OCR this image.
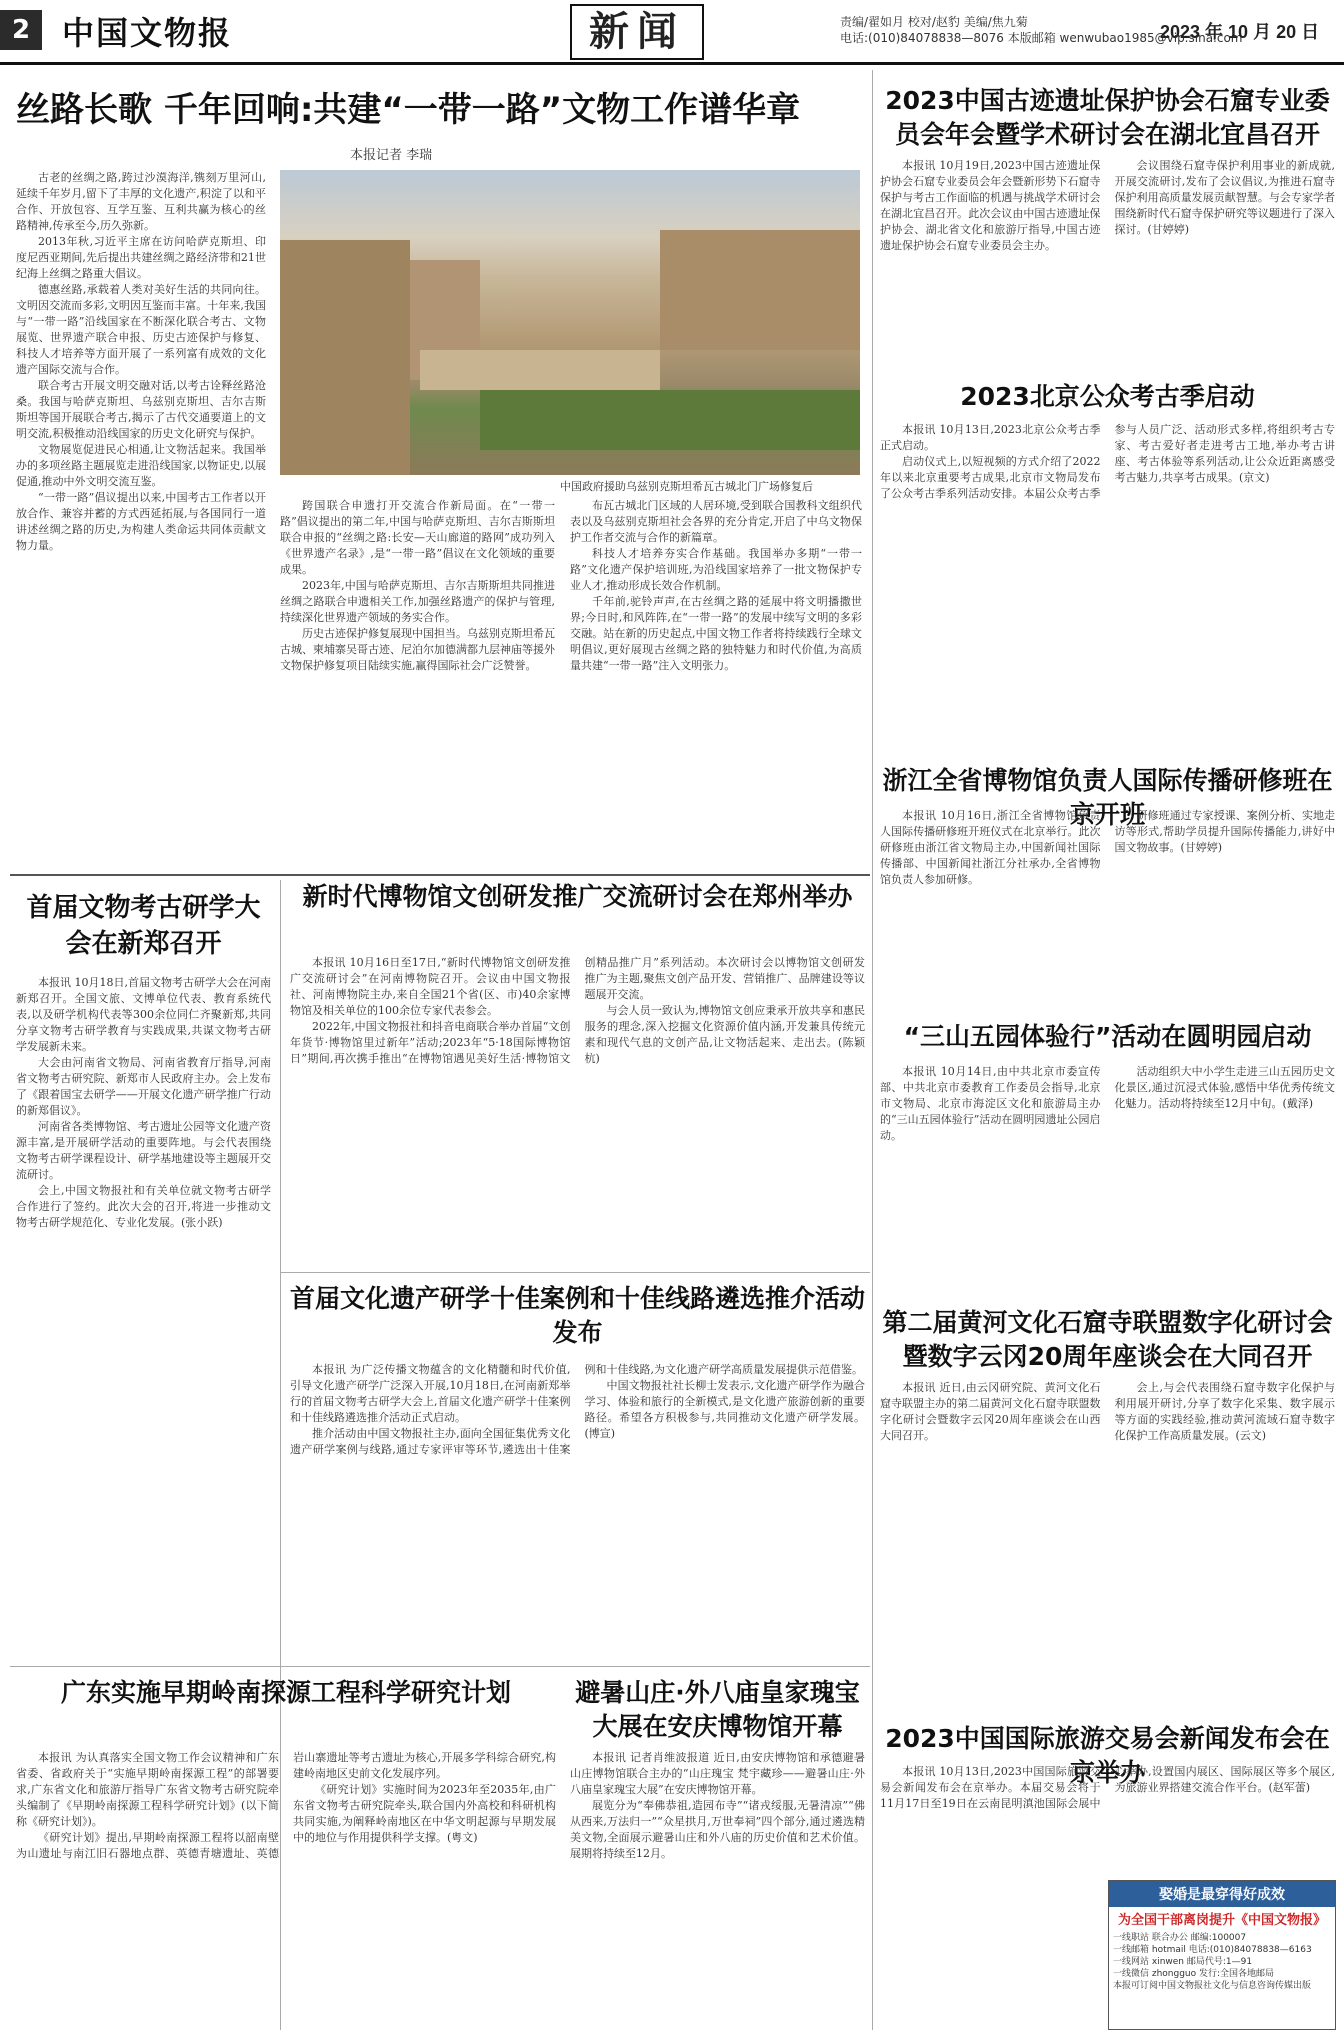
2 中国文物报	新闻	责编/翟如月 校对/赵豹 美编/焦九菊
电话:(010)84078838—8076 本版邮箱 wenwubao1985@vip.sina.com
2023 年 10 月 20 日
丝路长歌 千年回响:共建“一带一路”文物工作谱华章
本报记者 李瑞

古老的丝绸之路,跨过沙漠海洋,镌刻万里河山,延续千年岁月,留下了丰厚的文化遗产,积淀了以和平合作、开放包容、互学互鉴、互利共赢为核心的丝路精神,传承至今,历久弥新。

2013年秋,习近平主席在访问哈萨克斯坦、印度尼西亚期间,先后提出共建丝绸之路经济带和21世纪海上丝绸之路重大倡议。

德惠丝路,承载着人类对美好生活的共同向往。文明因交流而多彩,文明因互鉴而丰富。十年来,我国与“一带一路”沿线国家在不断深化联合考古、文物展览、世界遗产联合申报、历史古迹保护与修复、科技人才培养等方面开展了一系列富有成效的文化遗产国际交流与合作。

联合考古开展文明交融对话,以考古诠释丝路沧桑。我国与哈萨克斯坦、乌兹别克斯坦、吉尔吉斯斯坦等国开展联合考古,揭示了古代交通要道上的文明交流,积极推动沿线国家的历史文化研究与保护。

文物展览促进民心相通,让文物活起来。我国举办的多项丝路主题展览走进沿线国家,以物证史,以展促通,推动中外文明交流互鉴。

“一带一路”倡议提出以来,中国考古工作者以开放合作、兼容并蓄的方式西延拓展,与各国同行一道讲述丝绸之路的历史,为构建人类命运共同体贡献文物力量。

中国政府援助乌兹别克斯坦希瓦古城北门广场修复后

跨国联合申遗打开交流合作新局面。在“一带一路”倡议提出的第二年,中国与哈萨克斯坦、吉尔吉斯斯坦联合申报的“丝绸之路:长安—天山廊道的路网”成功列入《世界遗产名录》,是“一带一路”倡议在文化领域的重要成果。

2023年,中国与哈萨克斯坦、吉尔吉斯斯坦共同推进丝绸之路联合申遗相关工作,加强丝路遗产的保护与管理,持续深化世界遗产领域的务实合作。

历史古迹保护修复展现中国担当。乌兹别克斯坦希瓦古城、柬埔寨吴哥古迹、尼泊尔加德满都九层神庙等援外文物保护修复项目陆续实施,赢得国际社会广泛赞誉。

布瓦古城北门区域的人居环境,受到联合国教科文组织代表以及乌兹别克斯坦社会各界的充分肯定,开启了中乌文物保护工作者交流与合作的新篇章。

科技人才培养夯实合作基础。我国举办多期“一带一路”文化遗产保护培训班,为沿线国家培养了一批文物保护专业人才,推动形成长效合作机制。

千年前,驼铃声声,在古丝绸之路的延展中将文明播撒世界;今日时,和风阵阵,在“一带一路”的发展中续写文明的多彩交融。站在新的历史起点,中国文物工作者将持续践行全球文明倡议,更好展现古丝绸之路的独特魅力和时代价值,为高质量共建“一带一路”注入文明张力。

2023中国古迹遗址保护协会石窟专业委员会年会暨学术研讨会在湖北宜昌召开

本报讯 10月19日,2023中国古迹遗址保护协会石窟专业委员会年会暨新形势下石窟寺保护与考古工作面临的机遇与挑战学术研讨会在湖北宜昌召开。此次会议由中国古迹遗址保护协会、湖北省文化和旅游厅指导,中国古迹遗址保护协会石窟专业委员会主办。

会议围绕石窟寺保护利用事业的新成就,开展交流研讨,发布了会议倡议,为推进石窟寺保护利用高质量发展贡献智慧。与会专家学者围绕新时代石窟寺保护研究等议题进行了深入探讨。(甘婷婷)

2023北京公众考古季启动

本报讯 10月13日,2023北京公众考古季正式启动。

启动仪式上,以短视频的方式介绍了2022年以来北京重要考古成果,北京市文物局发布了公众考古季系列活动安排。本届公众考古季参与人员广泛、活动形式多样,将组织考古专家、考古爱好者走进考古工地,举办考古讲座、考古体验等系列活动,让公众近距离感受考古魅力,共享考古成果。(京文)

浙江全省博物馆负责人国际传播研修班在京开班

本报讯 10月16日,浙江全省博物馆负责人国际传播研修班开班仪式在北京举行。此次研修班由浙江省文物局主办,中国新闻社国际传播部、中国新闻社浙江分社承办,全省博物馆负责人参加研修。

研修班通过专家授课、案例分析、实地走访等形式,帮助学员提升国际传播能力,讲好中国文物故事。(甘婷婷)

“三山五园体验行”活动在圆明园启动

本报讯 10月14日,由中共北京市委宣传部、中共北京市委教育工作委员会指导,北京市文物局、北京市海淀区文化和旅游局主办的“三山五园体验行”活动在圆明园遗址公园启动。

活动组织大中小学生走进三山五园历史文化景区,通过沉浸式体验,感悟中华优秀传统文化魅力。活动将持续至12月中旬。(戴泽)

第二届黄河文化石窟寺联盟数字化研讨会暨数字云冈20周年座谈会在大同召开

本报讯 近日,由云冈研究院、黄河文化石窟寺联盟主办的第二届黄河文化石窟寺联盟数字化研讨会暨数字云冈20周年座谈会在山西大同召开。

会上,与会代表围绕石窟寺数字化保护与利用展开研讨,分享了数字化采集、数字展示等方面的实践经验,推动黄河流域石窟寺数字化保护工作高质量发展。(云文)

2023中国国际旅游交易会新闻发布会在京举办

本报讯 10月13日,2023中国国际旅游交易会新闻发布会在京举办。本届交易会将于11月17日至19日在云南昆明滇池国际会展中心举办,设置国内展区、国际展区等多个展区,为旅游业界搭建交流合作平台。(赵军蕾)

娶婚是最穿得好成效
为全国干部离岗提升《中国文物报》
一线职站 联合办公 邮编:100007
一线邮箱 hotmail 电话:(010)84078838—6163
一线网站 xinwen 邮局代号:1—91
一线微信 zhongguo 发行:全国各地邮局
本报可订阅中国文物报社文化与信息咨询传媒出版
首届文物考古研学大会在新郑召开

本报讯 10月18日,首届文物考古研学大会在河南新郑召开。全国文旅、文博单位代表、教育系统代表,以及研学机构代表等300余位同仁齐聚新郑,共同分享文物考古研学教育与实践成果,共谋文物考古研学发展新未来。

大会由河南省文物局、河南省教育厅指导,河南省文物考古研究院、新郑市人民政府主办。会上发布了《跟着国宝去研学——开展文化遗产研学推广行动的新郑倡议》。

河南省各类博物馆、考古遗址公园等文化遗产资源丰富,是开展研学活动的重要阵地。与会代表围绕文物考古研学课程设计、研学基地建设等主题展开交流研讨。

会上,中国文物报社和有关单位就文物考古研学合作进行了签约。此次大会的召开,将进一步推动文物考古研学规范化、专业化发展。(张小跃)

新时代博物馆文创研发推广交流研讨会在郑州举办

本报讯 10月16日至17日,“新时代博物馆文创研发推广交流研讨会”在河南博物院召开。会议由中国文物报社、河南博物院主办,来自全国21个省(区、市)40余家博物馆及相关单位的100余位专家代表参会。

2022年,中国文物报社和抖音电商联合举办首届“文创年货节·博物馆里过新年”活动;2023年“5·18国际博物馆日”期间,再次携手推出“在博物馆遇见美好生活·博物馆文创精品推广月”系列活动。本次研讨会以博物馆文创研发推广为主题,聚焦文创产品开发、营销推广、品牌建设等议题展开交流。

与会人员一致认为,博物馆文创应秉承开放共享和惠民服务的理念,深入挖掘文化资源价值内涵,开发兼具传统元素和现代气息的文创产品,让文物活起来、走出去。(陈颖杭)

首届文化遗产研学十佳案例和十佳线路遴选推介活动发布

本报讯 为广泛传播文物蕴含的文化精髓和时代价值,引导文化遗产研学广泛深入开展,10月18日,在河南新郑举行的首届文物考古研学大会上,首届文化遗产研学十佳案例和十佳线路遴选推介活动正式启动。

推介活动由中国文物报社主办,面向全国征集优秀文化遗产研学案例与线路,通过专家评审等环节,遴选出十佳案例和十佳线路,为文化遗产研学高质量发展提供示范借鉴。

中国文物报社社长柳士发表示,文化遗产研学作为融合学习、体验和旅行的全新模式,是文化遗产旅游创新的重要路径。希望各方积极参与,共同推动文化遗产研学发展。(博宣)

广东实施早期岭南探源工程科学研究计划

本报讯 为认真落实全国文物工作会议精神和广东省委、省政府关于“实施早期岭南探源工程”的部署要求,广东省文化和旅游厅指导广东省文物考古研究院牵头编制了《早期岭南探源工程科学研究计划》(以下简称《研究计划》)。

《研究计划》提出,早期岭南探源工程将以韶南壁为山遗址与南江旧石器地点群、英德青塘遗址、英德岩山寨遗址等考古遗址为核心,开展多学科综合研究,构建岭南地区史前文化发展序列。

《研究计划》实施时间为2023年至2035年,由广东省文物考古研究院牵头,联合国内外高校和科研机构共同实施,为阐释岭南地区在中华文明起源与早期发展中的地位与作用提供科学支撑。(粤文)

避暑山庄·外八庙皇家瑰宝大展在安庆博物馆开幕

本报讯 记者肖维波报道 近日,由安庆博物馆和承德避暑山庄博物馆联合主办的“山庄瑰宝 梵宇藏珍——避暑山庄·外八庙皇家瑰宝大展”在安庆博物馆开幕。

展览分为“奉佛恭祖,造园布寺”“诸戎绥服,无暑清凉”“佛从西来,万法归一”“众星拱月,万世奉祠”四个部分,通过遴选精美文物,全面展示避暑山庄和外八庙的历史价值和艺术价值。展期将持续至12月。
